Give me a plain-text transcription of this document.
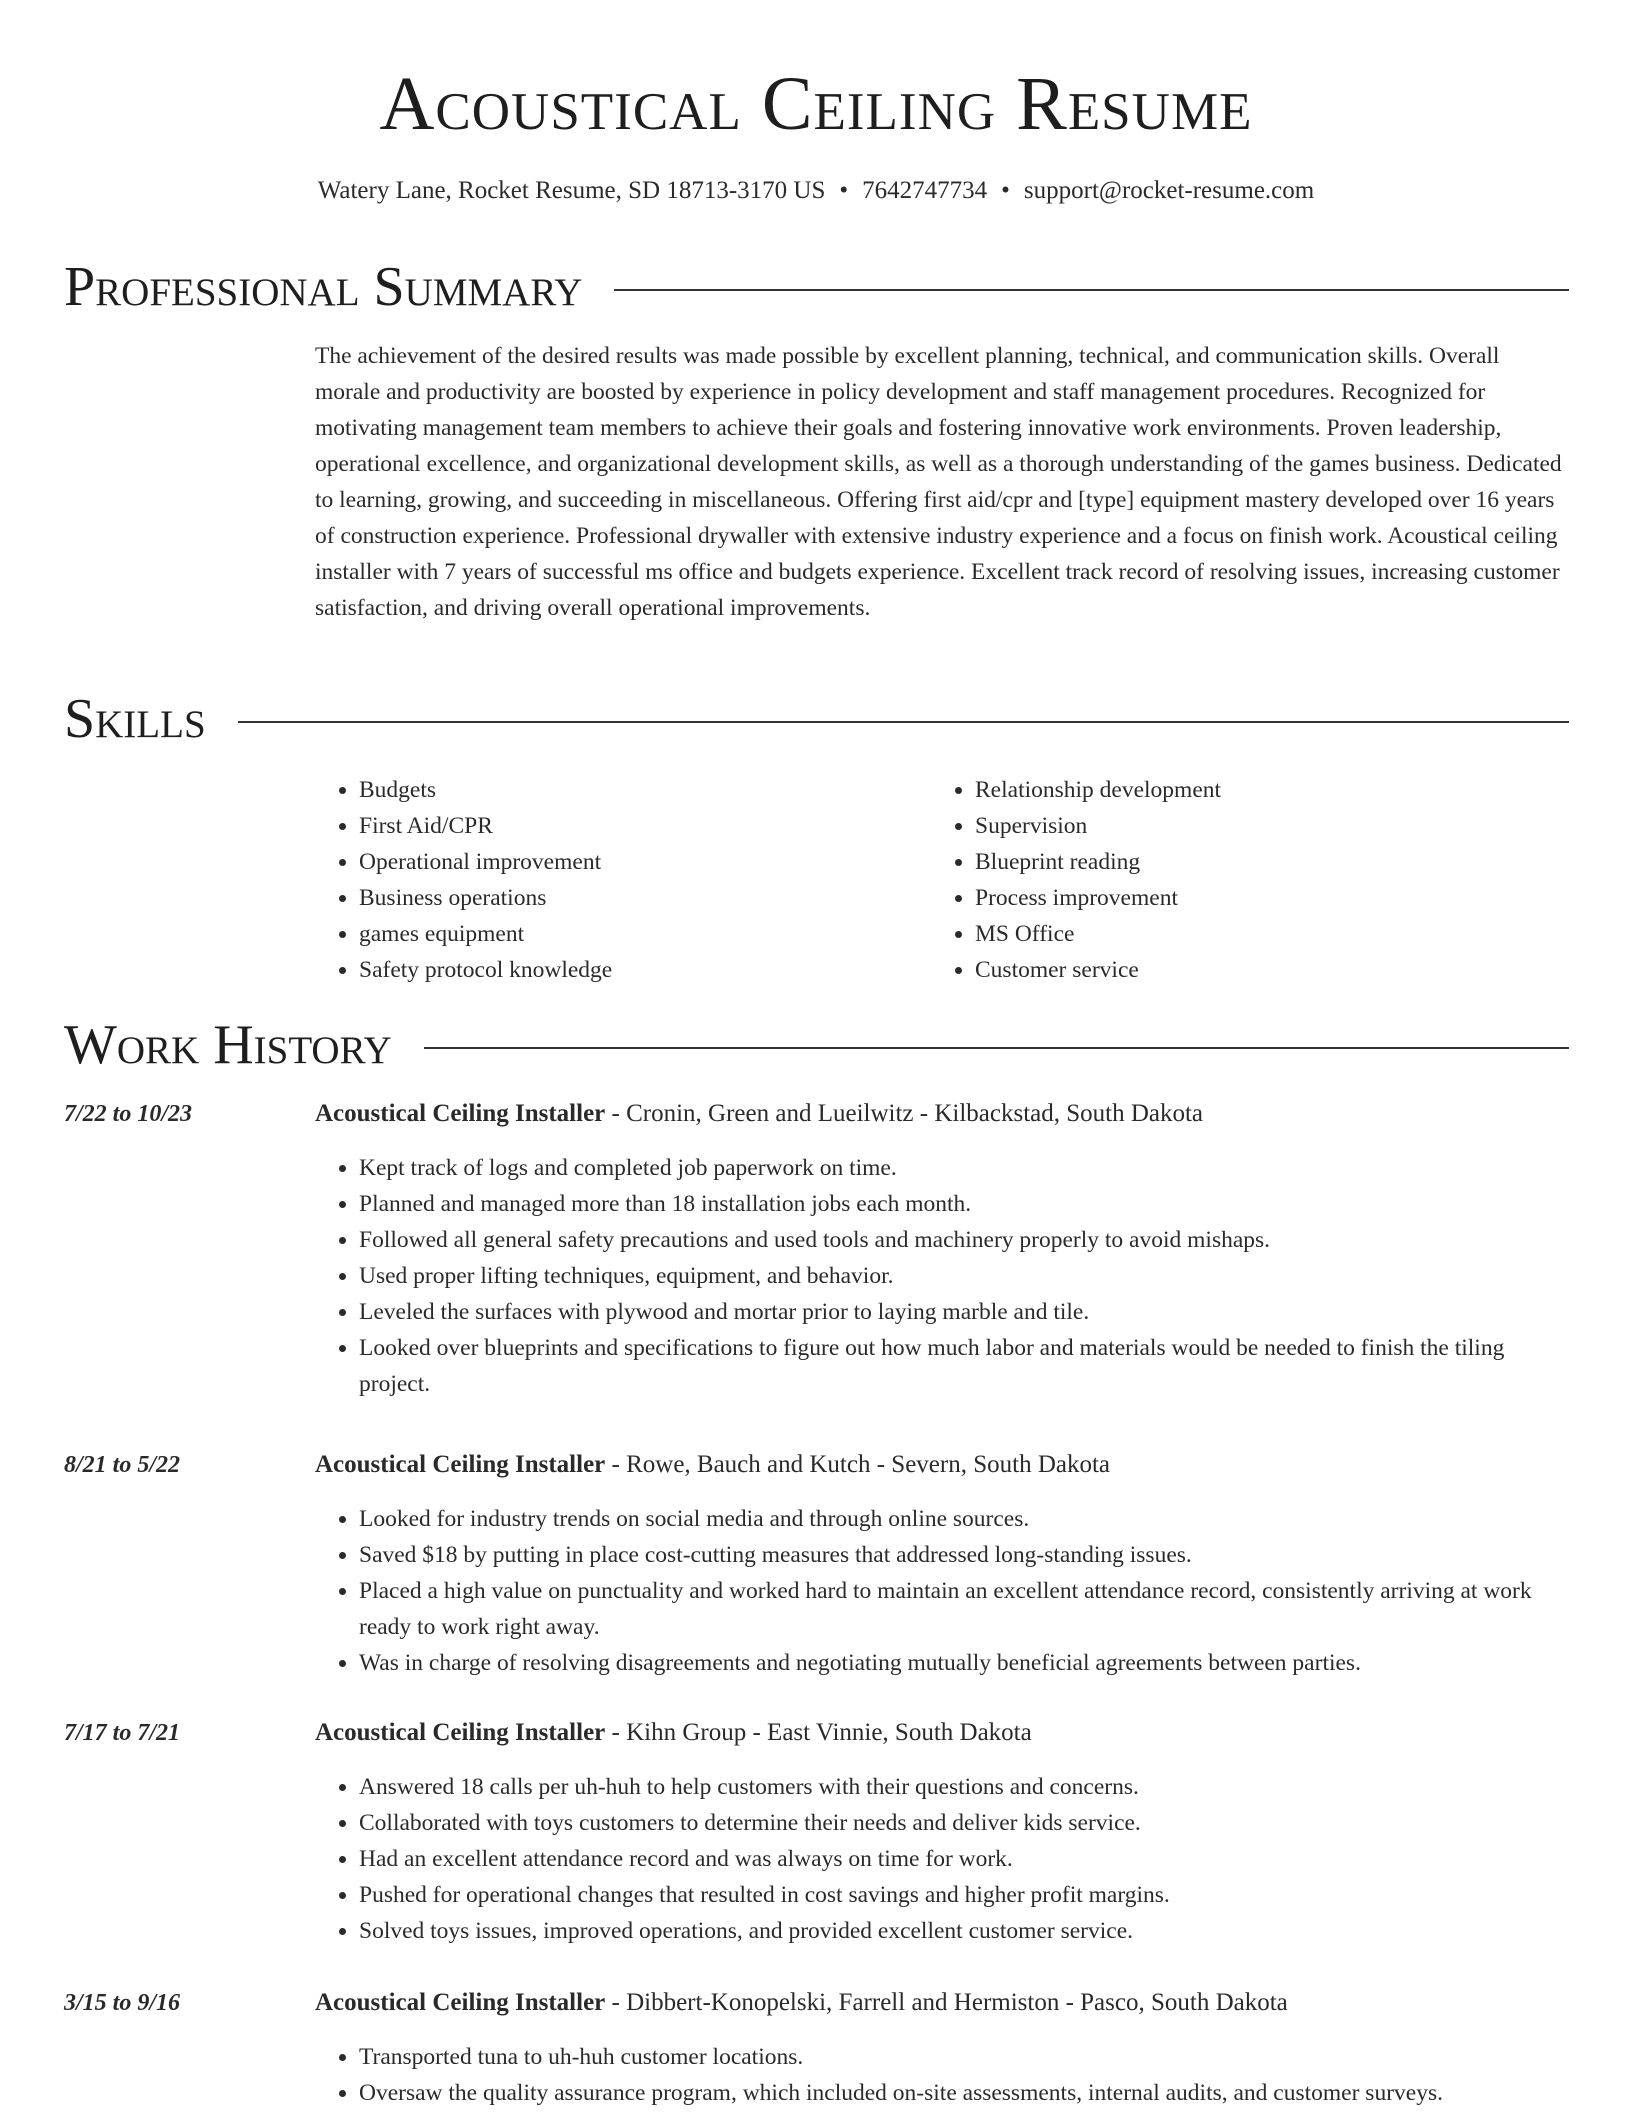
Acoustical Ceiling Resume
Watery Lane, Rocket Resume, SD 18713-3170 US • 7642747734 • support@rocket-resume.com
Professional Summary

The achievement of the desired results was made possible by excellent planning, technical, and communication skills. Overall morale and productivity are boosted by experience in policy development and staff management procedures. Recognized for motivating management team members to achieve their goals and fostering innovative work environments. Proven leadership, operational excellence, and organizational development skills, as well as a thorough understanding of the games business. Dedicated to learning, growing, and succeeding in miscellaneous. Offering first aid/cpr and [type] equipment mastery developed over 16 years of construction experience. Professional drywaller with extensive industry experience and a focus on finish work. Acoustical ceiling installer with 7 years of successful ms office and budgets experience. Excellent track record of resolving issues, increasing customer satisfaction, and driving overall operational improvements.

Skills
• Budgets
• First Aid/CPR
• Operational improvement
• Business operations
• games equipment
• Safety protocol knowledge
• Relationship development
• Supervision
• Blueprint reading
• Process improvement
• MS Office
• Customer service
Work History
7/22 to 10/23	Acoustical Ceiling Installer - Cronin, Green and Lueilwitz - Kilbackstad, South Dakota
• Kept track of logs and completed job paperwork on time.
• Planned and managed more than 18 installation jobs each month.
• Followed all general safety precautions and used tools and machinery properly to avoid mishaps.
• Used proper lifting techniques, equipment, and behavior.
• Leveled the surfaces with plywood and mortar prior to laying marble and tile.
• Looked over blueprints and specifications to figure out how much labor and materials would be needed to finish the tiling project.
8/21 to 5/22	Acoustical Ceiling Installer - Rowe, Bauch and Kutch - Severn, South Dakota
• Looked for industry trends on social media and through online sources.
• Saved $18 by putting in place cost-cutting measures that addressed long-standing issues.
• Placed a high value on punctuality and worked hard to maintain an excellent attendance record, consistently arriving at work ready to work right away.
• Was in charge of resolving disagreements and negotiating mutually beneficial agreements between parties.
7/17 to 7/21	Acoustical Ceiling Installer - Kihn Group - East Vinnie, South Dakota
• Answered 18 calls per uh-huh to help customers with their questions and concerns.
• Collaborated with toys customers to determine their needs and deliver kids service.
• Had an excellent attendance record and was always on time for work.
• Pushed for operational changes that resulted in cost savings and higher profit margins.
• Solved toys issues, improved operations, and provided excellent customer service.
3/15 to 9/16	Acoustical Ceiling Installer - Dibbert-Konopelski, Farrell and Hermiston - Pasco, South Dakota
• Transported tuna to uh-huh customer locations.
• Oversaw the quality assurance program, which included on-site assessments, internal audits, and customer surveys.
